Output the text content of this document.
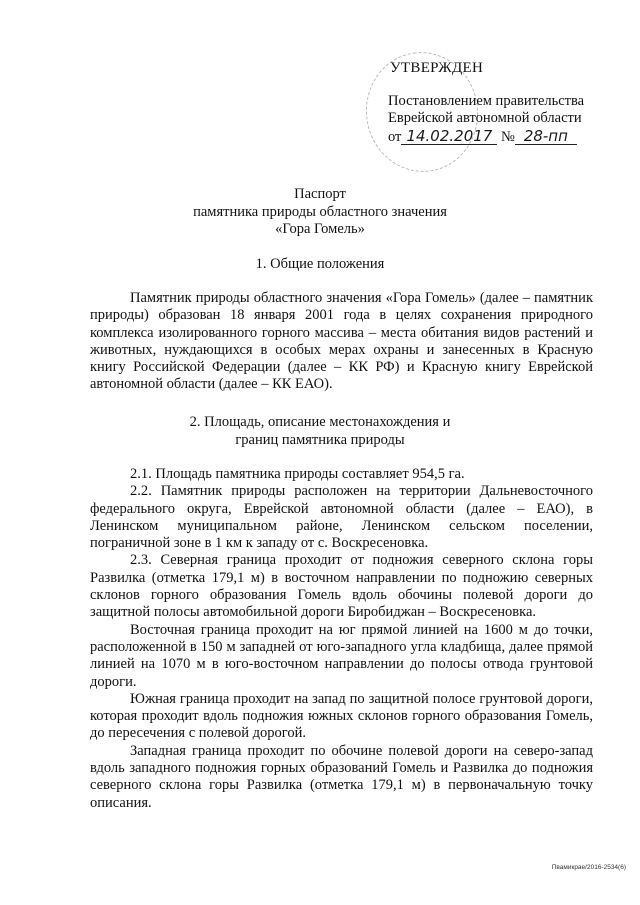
УТВЕРЖДЕН
Постановлением правительства
Еврейской автономной области
от 14.02.2017 № 28-пп
Паспорт
памятника природы областного значения
«Гора Гомель»
1. Общие положения

Памятник природы областного значения «Гора Гомель» (далее – памятник природы) образован 18 января 2001 года в целях сохранения природного комплекса изолированного горного массива – места обитания видов растений и животных, нуждающихся в особых мерах охраны и занесенных в Красную книгу Российской Федерации (далее – КК РФ) и Красную книгу Еврейской автономной области (далее – КК ЕАО).

2. Площадь, описание местонахождения и
границ памятника природы

2.1. Площадь памятника природы составляет 954,5 га.

2.2. Памятник природы расположен на территории Дальневосточного федерального округа, Еврейской автономной области (далее – ЕАО), в Ленинском муниципальном районе, Ленинском сельском поселении, пограничной зоне в 1 км к западу от с. Воскресеновка.

2.3. Северная граница проходит от подножия северного склона горы Развилка (отметка 179,1 м) в восточном направлении по подножию северных склонов горного образования Гомель вдоль обочины полевой дороги до защитной полосы автомобильной дороги Биробиджан – Воскресеновка.

Восточная граница проходит на юг прямой линией на 1600 м до точки, расположенной в 150 м западней от юго-западного угла кладбища, далее прямой линией на 1070 м в юго-восточном направлении до полосы отвода грунтовой дороги.

Южная граница проходит на запад по защитной полосе грунтовой дороги, которая проходит вдоль подножия южных склонов горного образования Гомель, до пересечения с полевой дорогой.

Западная граница проходит по обочине полевой дороги на северо-запад вдоль западного подножия горных образований Гомель и Развилка до подножия северного склона горы Развилка (отметка 179,1 м) в первоначальную точку описания.

Пвамикрае/2016-2534(6)
